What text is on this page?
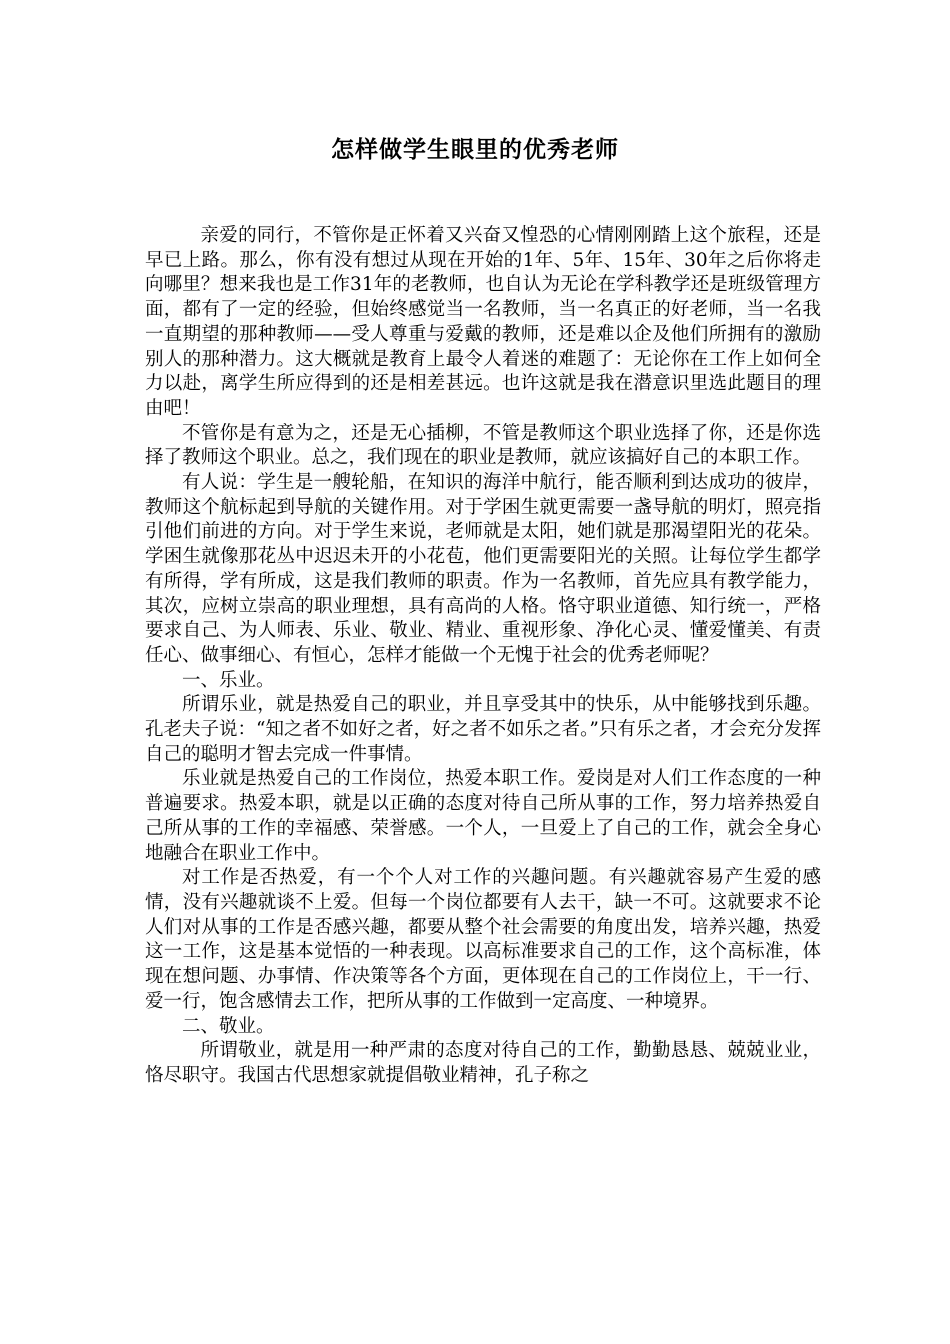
怎样做学生眼里的优秀老师

亲爱的同行，不管你是正怀着又兴奋又惶恐的心情刚刚踏上这个旅程，还是早已上路。那么，你有没有想过从现在开始的1年、5年、15年、30年之后你将走向哪里？想来我也是工作31年的老教师，也自认为无论在学科教学还是班级管理方面，都有了一定的经验，但始终感觉当一名教师，当一名真正的好老师，当一名我一直期望的那种教师——受人尊重与爱戴的教师，还是难以企及他们所拥有的激励别人的那种潜力。这大概就是教育上最令人着迷的难题了：无论你在工作上如何全力以赴，离学生所应得到的还是相差甚远。也许这就是我在潜意识里选此题目的理由吧！

不管你是有意为之，还是无心插柳，不管是教师这个职业选择了你，还是你选择了教师这个职业。总之，我们现在的职业是教师，就应该搞好自己的本职工作。

有人说：学生是一艘轮船，在知识的海洋中航行，能否顺利到达成功的彼岸，教师这个航标起到导航的关键作用。对于学困生就更需要一盏导航的明灯，照亮指引他们前进的方向。对于学生来说，老师就是太阳，她们就是那渴望阳光的花朵。学困生就像那花丛中迟迟未开的小花苞，他们更需要阳光的关照。让每位学生都学有所得，学有所成，这是我们教师的职责。作为一名教师，首先应具有教学能力，其次，应树立崇高的职业理想，具有高尚的人格。恪守职业道德、知行统一，严格要求自己、为人师表、乐业、敬业、精业、重视形象、净化心灵、懂爱懂美、有责任心、做事细心、有恒心，怎样才能做一个无愧于社会的优秀老师呢？

一、乐业。

所谓乐业，就是热爱自己的职业，并且享受其中的快乐，从中能够找到乐趣。孔老夫子说：“知之者不如好之者，好之者不如乐之者。”只有乐之者，才会充分发挥自己的聪明才智去完成一件事情。

乐业就是热爱自己的工作岗位，热爱本职工作。爱岗是对人们工作态度的一种普遍要求。热爱本职，就是以正确的态度对待自己所从事的工作，努力培养热爱自己所从事的工作的幸福感、荣誉感。一个人，一旦爱上了自己的工作，就会全身心地融合在职业工作中。

对工作是否热爱，有一个个人对工作的兴趣问题。有兴趣就容易产生爱的感情，没有兴趣就谈不上爱。但每一个岗位都要有人去干，缺一不可。这就要求不论人们对从事的工作是否感兴趣，都要从整个社会需要的角度出发，培养兴趣，热爱这一工作，这是基本觉悟的一种表现。以高标准要求自己的工作，这个高标准，体现在想问题、办事情、作决策等各个方面，更体现在自己的工作岗位上，干一行、爱一行，饱含感情去工作，把所从事的工作做到一定高度、一种境界。

二、敬业。

所谓敬业，就是用一种严肃的态度对待自己的工作，勤勤恳恳、兢兢业业，恪尽职守。我国古代思想家就提倡敬业精神，孔子称之
